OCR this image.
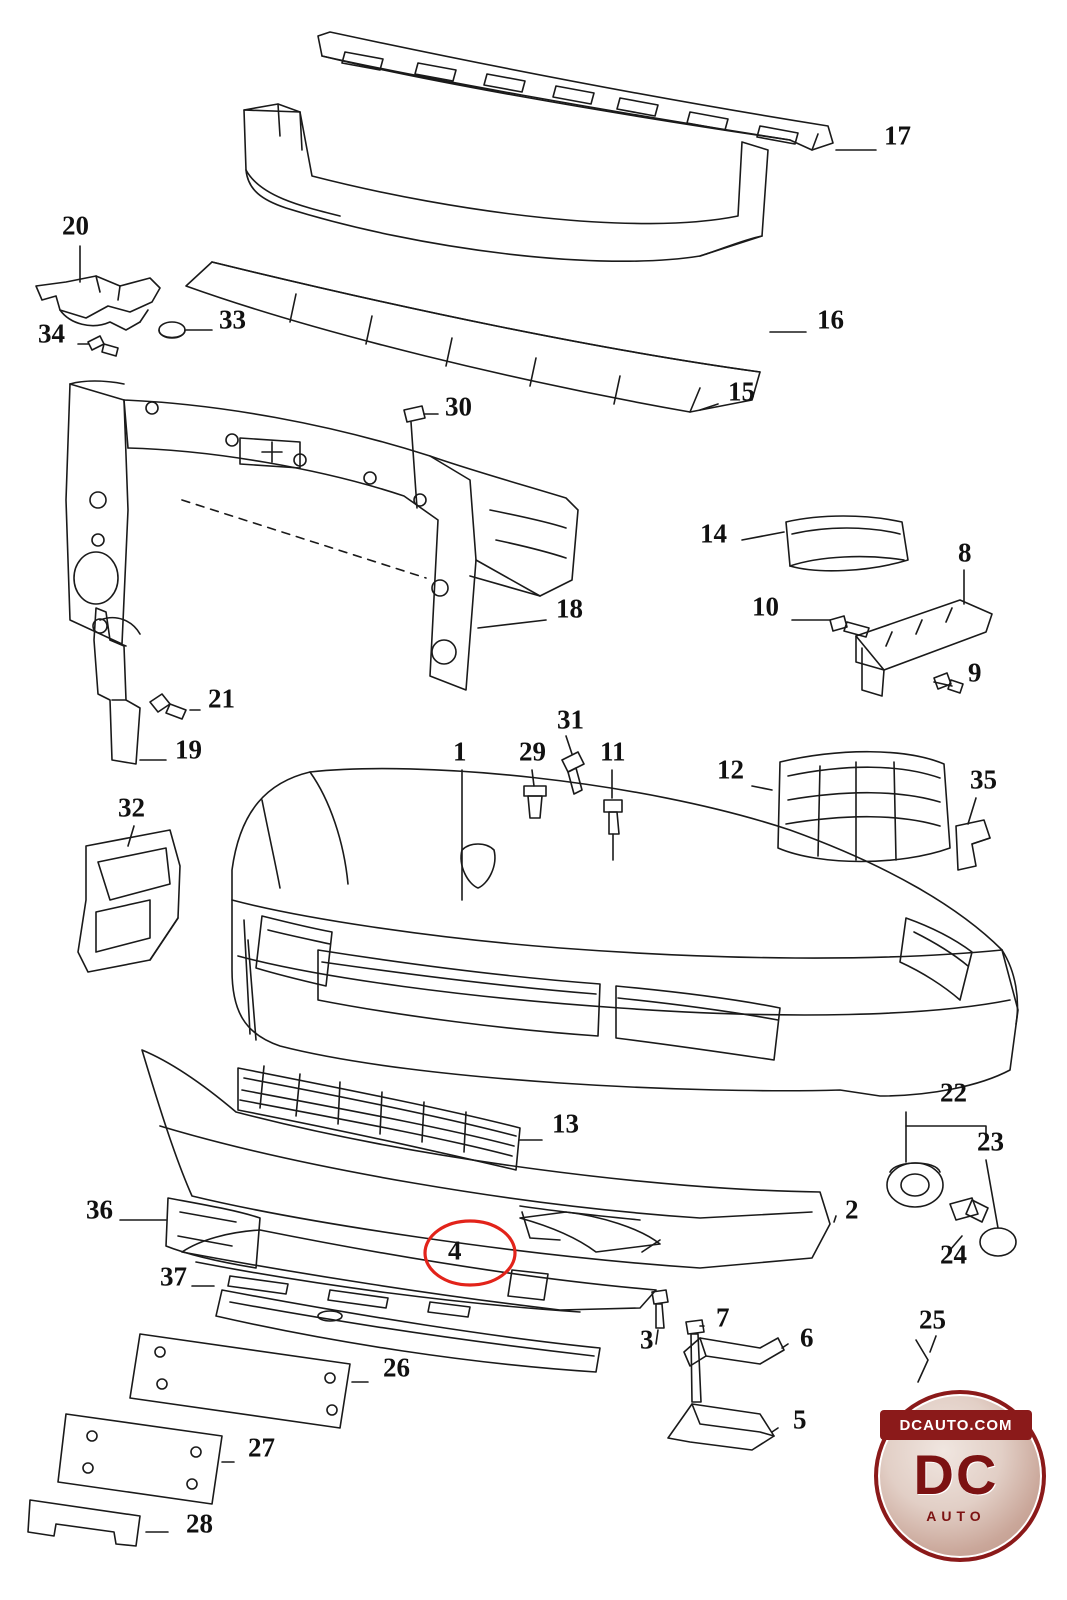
17
20
33
34	16
30	15
14
8
10
18
9
21
31
29 11
19	1
12	35
32
13
22
23
2
36
4	24
37
3
7
6
26
25
5
27
28
DCAUTO.COM
DC
AUTO
